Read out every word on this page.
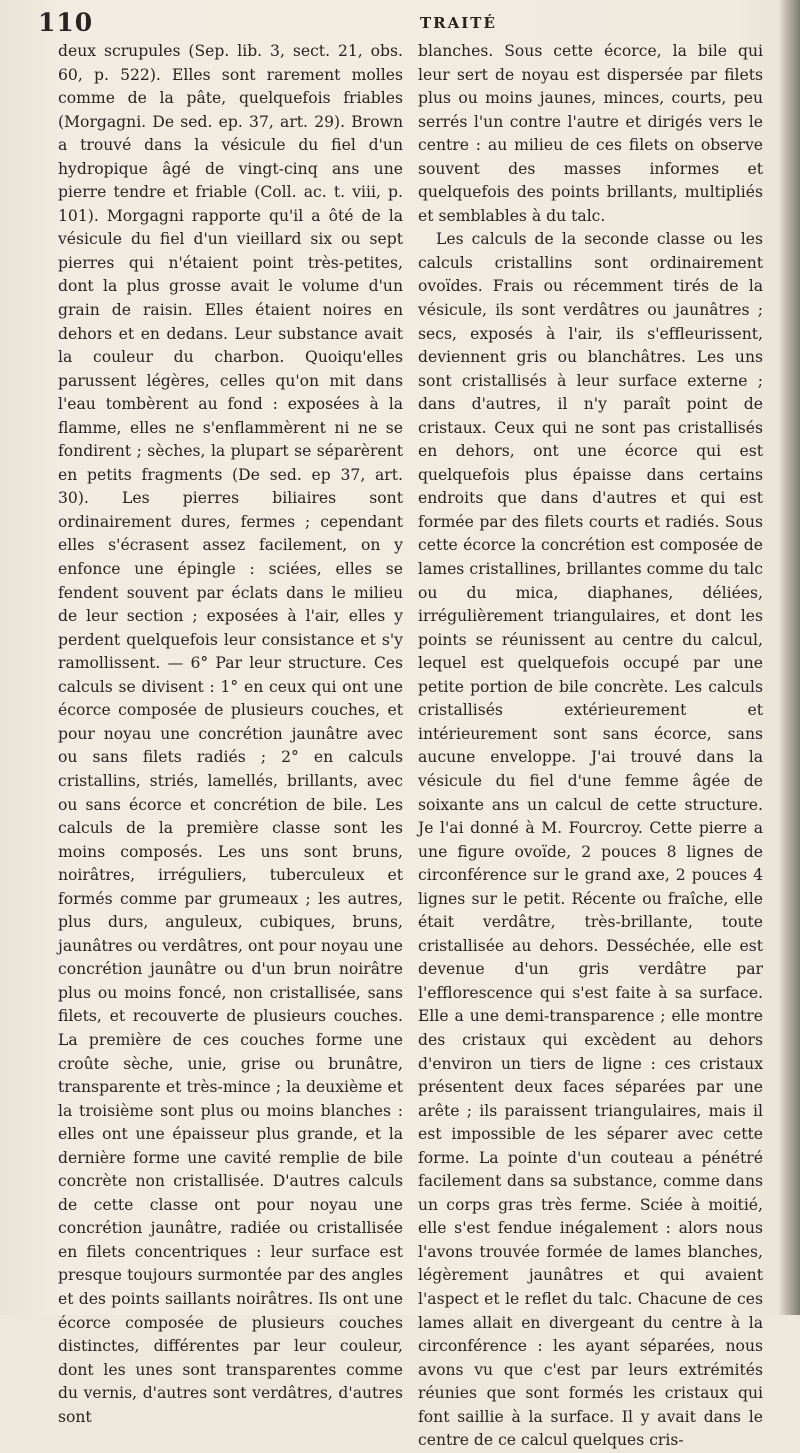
110	TRAITÉ

deux scrupules (Sep. lib. 3, sect. 21, obs. 60, p. 522). Elles sont rarement molles comme de la pâte, quelquefois friables (Morgagni. De sed. ep. 37, art. 29). Brown a trouvé dans la vésicule du fiel d'un hydropique âgé de vingt-cinq ans une pierre tendre et friable (Coll. ac. t. viii, p. 101). Morgagni rapporte qu'il a ôté de la vésicule du fiel d'un vieillard six ou sept pierres qui n'étaient point très-petites, dont la plus grosse avait le volume d'un grain de raisin. Elles étaient noires en dehors et en dedans. Leur substance avait la couleur du charbon. Quoiqu'elles parussent légères, celles qu'on mit dans l'eau tombèrent au fond : exposées à la flamme, elles ne s'enflammèrent ni ne se fondirent ; sèches, la plupart se séparèrent en petits fragments (De sed. ep 37, art. 30). Les pierres biliaires sont ordinairement dures, fermes ; cependant elles s'écrasent assez facilement, on y enfonce une épingle : sciées, elles se fendent souvent par éclats dans le milieu de leur section ; exposées à l'air, elles y perdent quelquefois leur consistance et s'y ramollissent. — 6° Par leur structure. Ces calculs se divisent : 1° en ceux qui ont une écorce composée de plusieurs couches, et pour noyau une concrétion jaunâtre avec ou sans filets radiés ; 2° en calculs cristallins, striés, lamellés, brillants, avec ou sans écorce et concrétion de bile. Les calculs de la première classe sont les moins composés. Les uns sont bruns, noirâtres, irréguliers, tuberculeux et formés comme par grumeaux ; les autres, plus durs, anguleux, cubiques, bruns, jaunâtres ou verdâtres, ont pour noyau une concrétion jaunâtre ou d'un brun noirâtre plus ou moins foncé, non cristallisée, sans filets, et recouverte de plusieurs couches. La première de ces couches forme une croûte sèche, unie, grise ou brunâtre, transparente et très-mince ; la deuxième et la troisième sont plus ou moins blanches : elles ont une épaisseur plus grande, et la dernière forme une cavité remplie de bile concrète non cristallisée. D'autres calculs de cette classe ont pour noyau une concrétion jaunâtre, radiée ou cristallisée en filets concentriques : leur surface est presque toujours surmontée par des angles et des points saillants noirâtres. Ils ont une écorce composée de plusieurs couches distinctes, différentes par leur couleur, dont les unes sont transparentes comme du vernis, d'autres sont verdâtres, d'autres sont

blanches. Sous cette écorce, la bile qui leur sert de noyau est dispersée par filets plus ou moins jaunes, minces, courts, peu serrés l'un contre l'autre et dirigés vers le centre : au milieu de ces filets on observe souvent des masses informes et quelquefois des points brillants, multipliés et semblables à du talc.

Les calculs de la seconde classe ou les calculs cristallins sont ordinairement ovoïdes. Frais ou récemment tirés de la vésicule, ils sont verdâtres ou jaunâtres ; secs, exposés à l'air, ils s'effleurissent, deviennent gris ou blanchâtres. Les uns sont cristallisés à leur surface externe ; dans d'autres, il n'y paraît point de cristaux. Ceux qui ne sont pas cristallisés en dehors, ont une écorce qui est quelquefois plus épaisse dans certains endroits que dans d'autres et qui est formée par des filets courts et radiés. Sous cette écorce la concrétion est composée de lames cristallines, brillantes comme du talc ou du mica, diaphanes, déliées, irrégulièrement triangulaires, et dont les points se réunissent au centre du calcul, lequel est quelquefois occupé par une petite portion de bile concrète. Les calculs cristallisés extérieurement et intérieurement sont sans écorce, sans aucune enveloppe. J'ai trouvé dans la vésicule du fiel d'une femme âgée de soixante ans un calcul de cette structure. Je l'ai donné à M. Fourcroy. Cette pierre a une figure ovoïde, 2 pouces 8 lignes de circonférence sur le grand axe, 2 pouces 4 lignes sur le petit. Récente ou fraîche, elle était verdâtre, très-brillante, toute cristallisée au dehors. Desséchée, elle est devenue d'un gris verdâtre par l'efflorescence qui s'est faite à sa surface. Elle a une demi-transparence ; elle montre des cristaux qui excèdent au dehors d'environ un tiers de ligne : ces cristaux présentent deux faces séparées par une arête ; ils paraissent triangulaires, mais il est impossible de les séparer avec cette forme. La pointe d'un couteau a pénétré facilement dans sa substance, comme dans un corps gras très ferme. Sciée à moitié, elle s'est fendue inégalement : alors nous l'avons trouvée formée de lames blanches, légèrement jaunâtres et qui avaient l'aspect et le reflet du talc. Chacune de ces lames allait en divergeant du centre à la circonférence : les ayant séparées, nous avons vu que c'est par leurs extrémités réunies que sont formés les cristaux qui font saillie à la surface. Il y avait dans le centre de ce calcul quelques cris-
